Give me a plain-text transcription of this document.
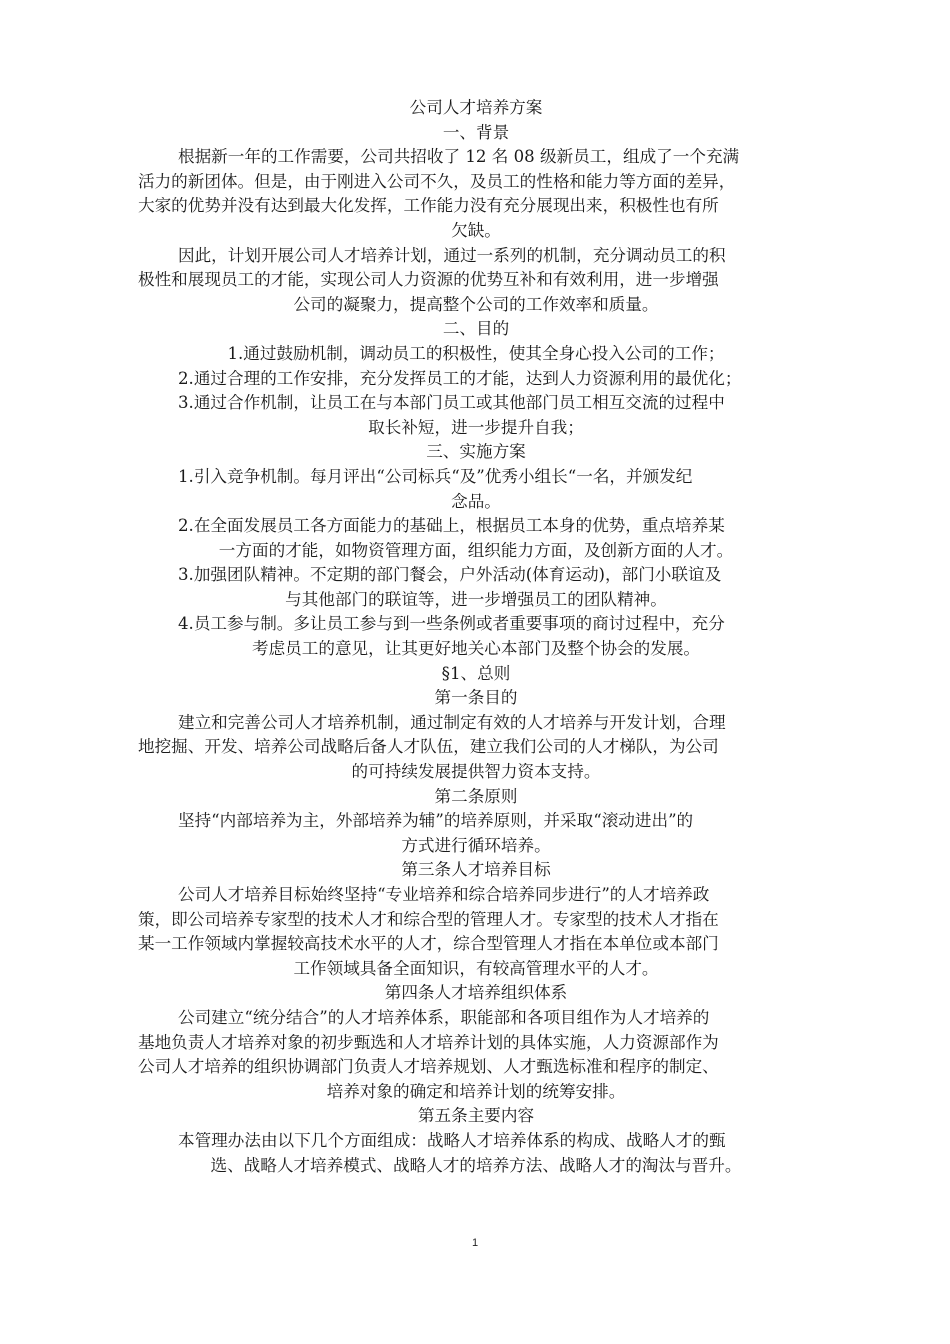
公司人才培养方案
一、背景
根据新一年的工作需要，公司共招收了 12 名 08 级新员工，组成了一个充满
活力的新团体。但是，由于刚进入公司不久，及员工的性格和能力等方面的差异，
大家的优势并没有达到最大化发挥，工作能力没有充分展现出来，积极性也有所
欠缺。
因此，计划开展公司人才培养计划，通过一系列的机制，充分调动员工的积
极性和展现员工的才能，实现公司人力资源的优势互补和有效利用，进一步增强
公司的凝聚力，提高整个公司的工作效率和质量。
二、目的
1.通过鼓励机制，调动员工的积极性，使其全身心投入公司的工作；
2.通过合理的工作安排，充分发挥员工的才能，达到人力资源利用的最优化；
3.通过合作机制，让员工在与本部门员工或其他部门员工相互交流的过程中
取长补短，进一步提升自我；
三、实施方案
1.引入竞争机制。每月评出“公司标兵“及”优秀小组长“一名，并颁发纪
念品。
2.在全面发展员工各方面能力的基础上，根据员工本身的优势，重点培养某
一方面的才能，如物资管理方面，组织能力方面，及创新方面的人才。
3.加强团队精神。不定期的部门餐会，户外活动(体育运动)，部门小联谊及
与其他部门的联谊等，进一步增强员工的团队精神。
4.员工参与制。多让员工参与到一些条例或者重要事项的商讨过程中，充分
考虑员工的意见，让其更好地关心本部门及整个协会的发展。
§1、总则
第一条目的
建立和完善公司人才培养机制，通过制定有效的人才培养与开发计划，合理
地挖掘、开发、培养公司战略后备人才队伍，建立我们公司的人才梯队，为公司
的可持续发展提供智力资本支持。
第二条原则
坚持“内部培养为主，外部培养为辅”的培养原则，并采取“滚动进出”的
方式进行循环培养。
第三条人才培养目标
公司人才培养目标始终坚持“专业培养和综合培养同步进行”的人才培养政
策，即公司培养专家型的技术人才和综合型的管理人才。专家型的技术人才指在
某一工作领域内掌握较高技术水平的人才，综合型管理人才指在本单位或本部门
工作领域具备全面知识，有较高管理水平的人才。
第四条人才培养组织体系
公司建立“统分结合”的人才培养体系，职能部和各项目组作为人才培养的
基地负责人才培养对象的初步甄选和人才培养计划的具体实施，人力资源部作为
公司人才培养的组织协调部门负责人才培养规划、人才甄选标准和程序的制定、
培养对象的确定和培养计划的统筹安排。
第五条主要内容
本管理办法由以下几个方面组成：战略人才培养体系的构成、战略人才的甄
选、战略人才培养模式、战略人才的培养方法、战略人才的淘汰与晋升。
1
